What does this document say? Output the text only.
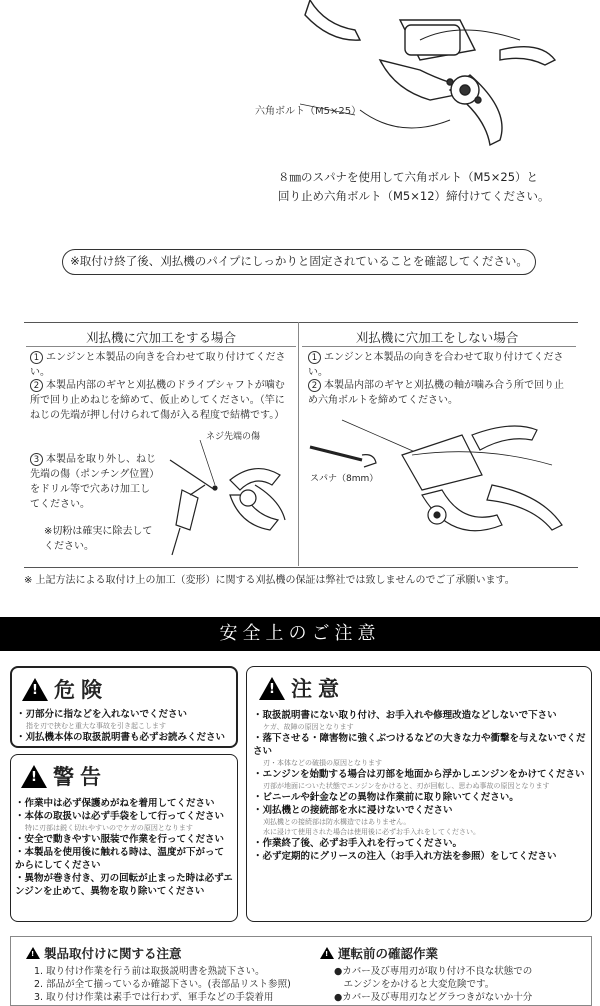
六角ボルト（M5×25）
８㎜のスパナを使用して六角ボルト（M5×25）と
回り止め六角ボルト（M5×12）締付けてください。
※取付け終了後、刈払機のパイプにしっかりと固定されていることを確認してください。
刈払機に穴加工をする場合	刈払機に穴加工をしない場合
1 エンジンと本製品の向きを合わせて取り付けてください。
2 本製品内部のギヤと刈払機のドライブシャフトが噛む所で回り止めねじを締めて、仮止めしてください。（竿にねじの先端が押し付けられて傷が入る程度で結構です。）
3 本製品を取り外し、ねじ先端の傷（ポンチング位置）をドリル等で穴あけ加工してください。
※切粉は確実に除去してください。
ネジ先端の傷
1 エンジンと本製品の向きを合わせて取り付けてください。
2 本製品内部のギヤと刈払機の軸が噛み合う所で回り止め六角ボルトを締めてください。
スパナ（8mm）
※ 上記方法による取付け上の加工（変形）に関する刈払機の保証は弊社では致しませんのでご了承願います。
安全上のご注意
!
危険
・刃部分に指などを入れないでください
指を刃で挟むと重大な事故を引き起こします
・刈払機本体の取扱説明書も必ずお読みください
!
警告
・作業中は必ず保護めがねを着用してください
・本体の取扱いは必ず手袋をして行ってください
特に刃部は鋭く切れやすいのでケガの原因となります
・安全で動きやすい服装で作業を行ってください
・本製品を使用後に触れる時は、温度が下がってからにしてください
・異物が巻き付き、刃の回転が止まった時は必ずエンジンを止めて、異物を取り除いてください
!
注意
・取扱説明書にない取り付け、お手入れや修理改造などしないで下さい
ケガ、故障の原因となります
・落下させる・障害物に強くぶつけるなどの大きな力や衝撃を与えないでください
刃・本体などの破損の原因となります
・エンジンを始動する場合は刃部を地面から浮かしエンジンをかけてください
刃部が地面についた状態でエンジンをかけると、刃が回転し、思わぬ事故の原因となります
・ビニールや針金などの異物は作業前に取り除いてください。
・刈払機との接続部を水に浸けないでください
刈払機との接続部は防水構造ではありません。
水に浸けて使用された場合は使用後に必ずお手入れをしてください。
・作業終了後、必ずお手入れを行ってください。
・必ず定期的にグリースの注入（お手入れ方法を参照）をしてください
!
製品取付けに関する注意
1. 取り付け作業を行う前は取扱説明書を熟読下さい。
2. 部品が全て揃っているか確認下さい。(表部品リスト参照)
3. 取り付け作業は素手では行わず、軍手などの手袋着用
!
運転前の確認作業
●カバー及び専用刃が取り付け不良な状態での
　エンジンをかけると大変危険です。
●カバー及び専用刃などグラつきがないか十分
